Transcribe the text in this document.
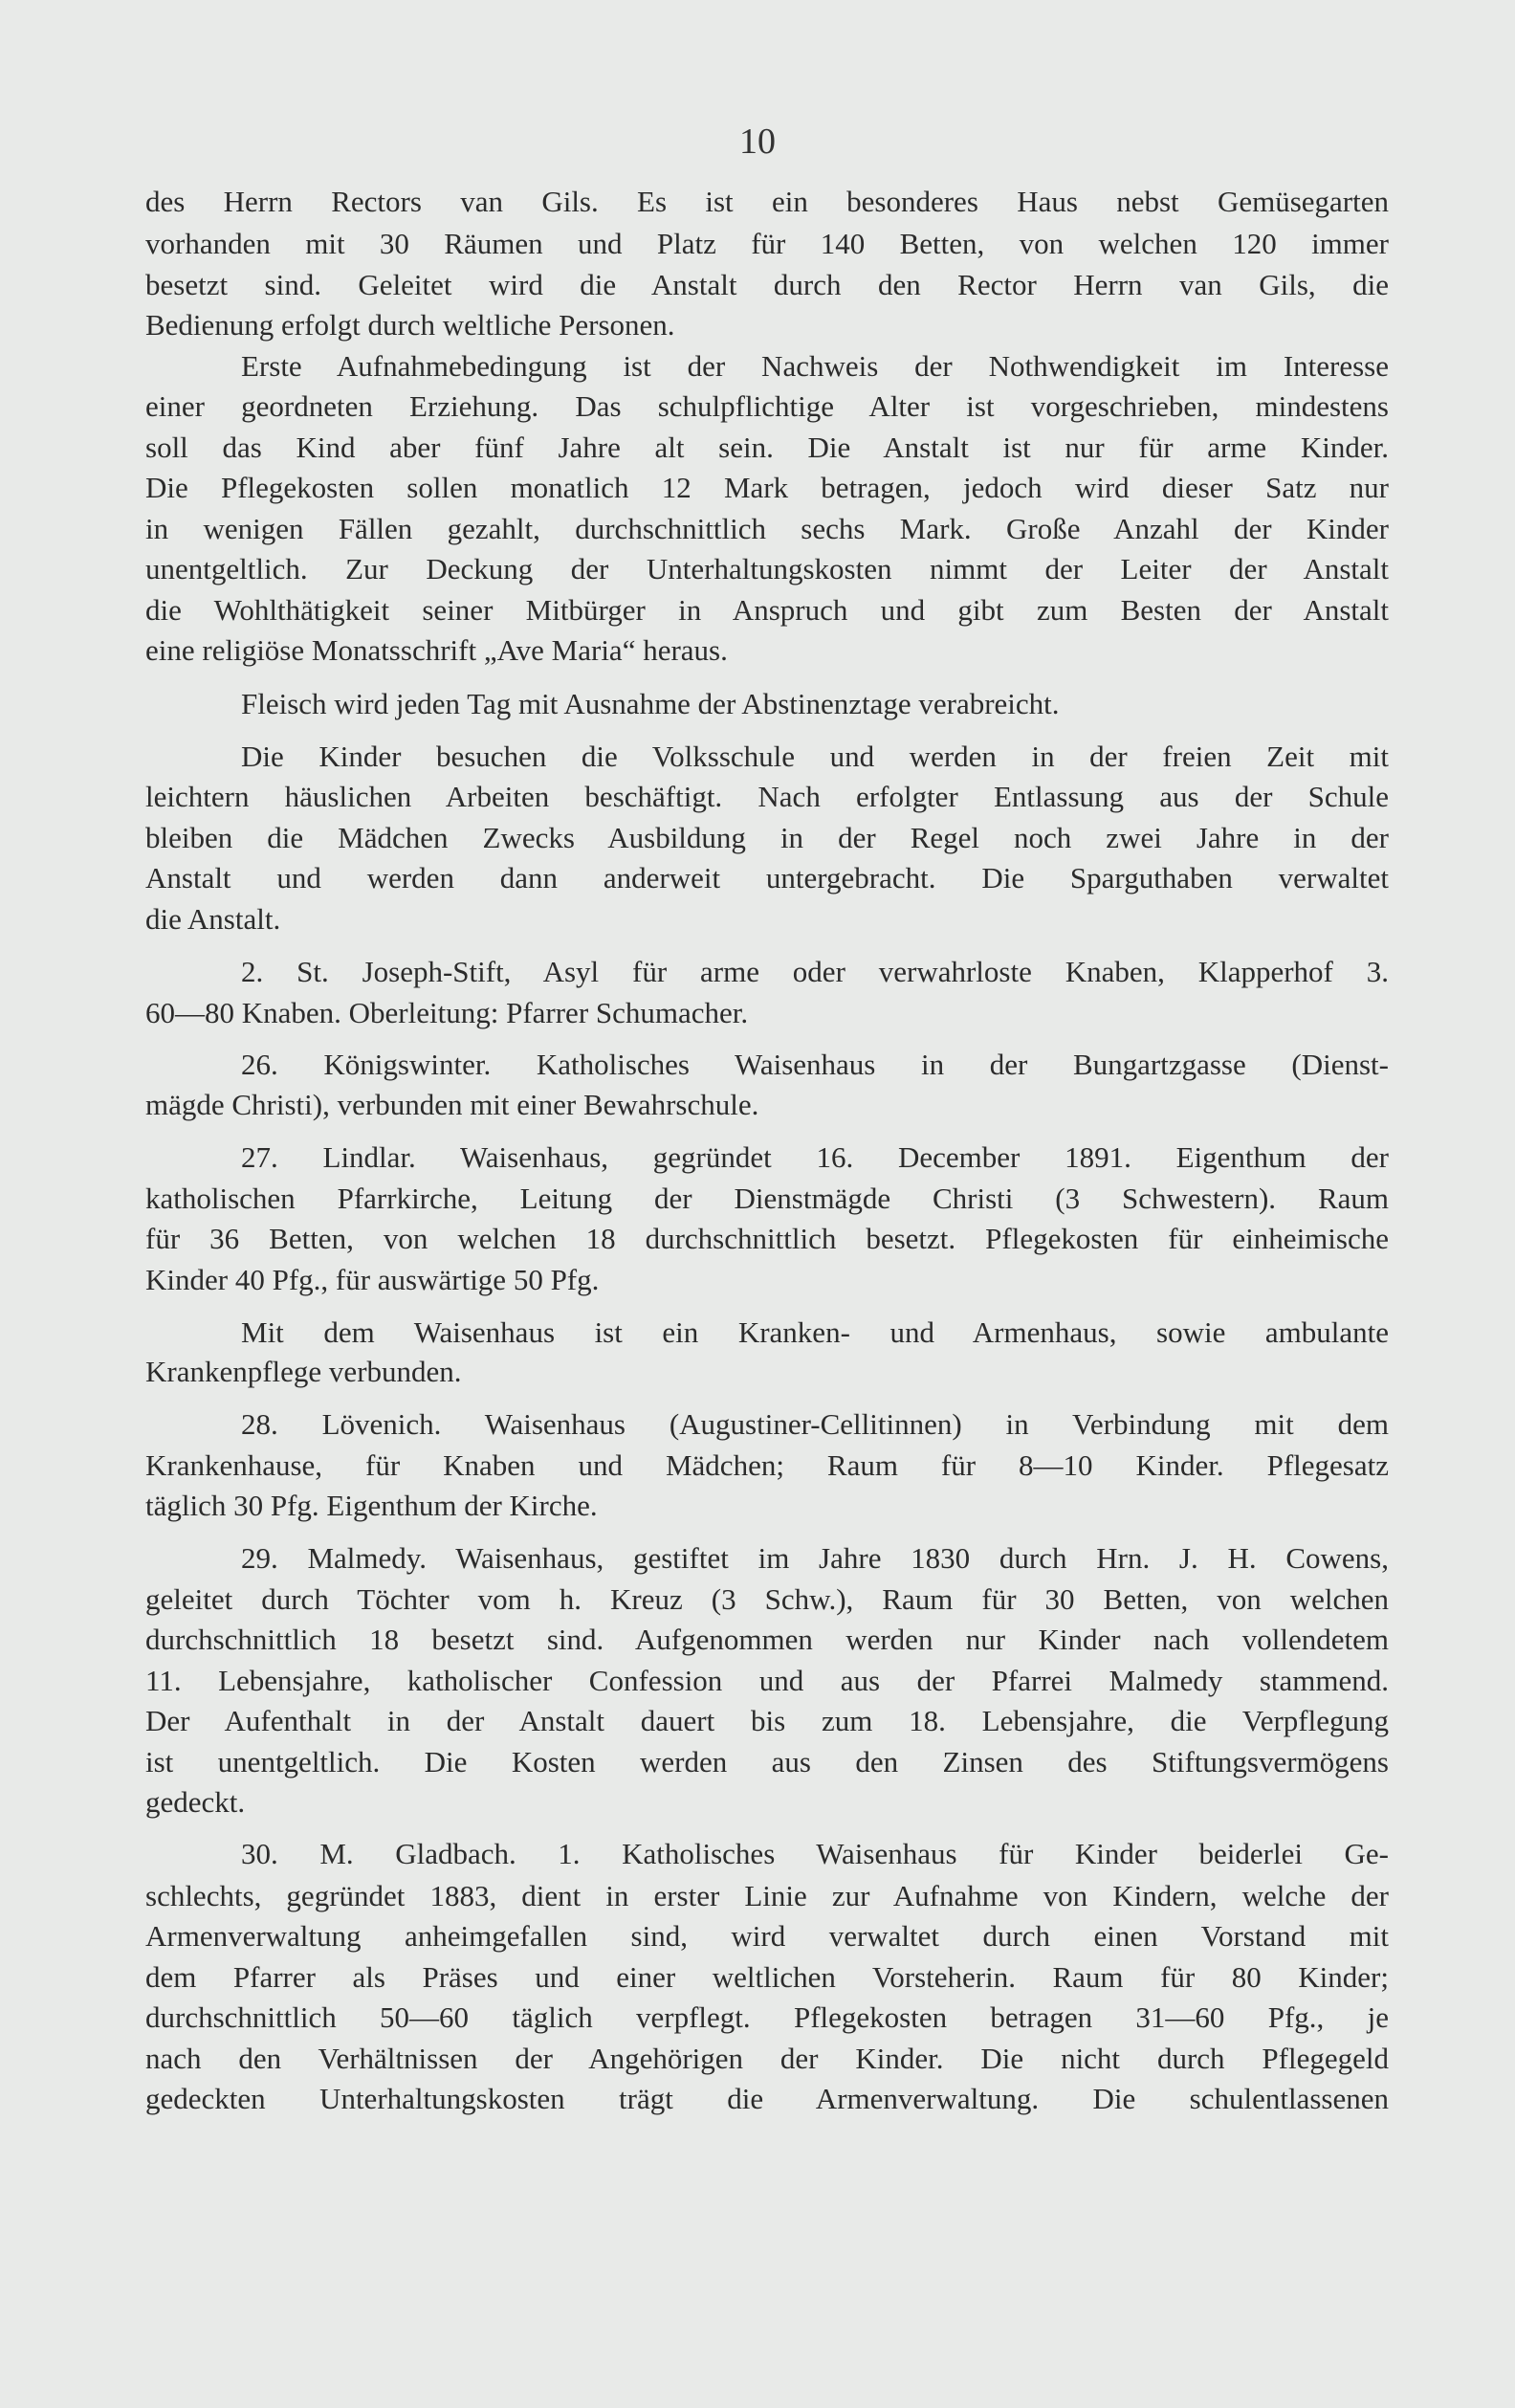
10
des Herrn Rectors van Gils. Es ist ein besonderes Haus nebst Gemüsegarten
vorhanden mit 30 Räumen und Platz für 140 Betten, von welchen 120 immer
besetzt sind. Geleitet wird die Anstalt durch den Rector Herrn van Gils, die
Bedienung erfolgt durch weltliche Personen.
Erste Aufnahmebedingung ist der Nachweis der Nothwendigkeit im Interesse
einer geordneten Erziehung. Das schulpflichtige Alter ist vorgeschrieben, mindestens
soll das Kind aber fünf Jahre alt sein. Die Anstalt ist nur für arme Kinder.
Die Pflegekosten sollen monatlich 12 Mark betragen, jedoch wird dieser Satz nur
in wenigen Fällen gezahlt, durchschnittlich sechs Mark. Große Anzahl der Kinder
unentgeltlich. Zur Deckung der Unterhaltungskosten nimmt der Leiter der Anstalt
die Wohlthätigkeit seiner Mitbürger in Anspruch und gibt zum Besten der Anstalt
eine religiöse Monatsschrift „Ave Maria“ heraus.
Fleisch wird jeden Tag mit Ausnahme der Abstinenztage verabreicht.
Die Kinder besuchen die Volksschule und werden in der freien Zeit mit
leichtern häuslichen Arbeiten beschäftigt. Nach erfolgter Entlassung aus der Schule
bleiben die Mädchen Zwecks Ausbildung in der Regel noch zwei Jahre in der
Anstalt und werden dann anderweit untergebracht. Die Sparguthaben verwaltet
die Anstalt.
2. St. Joseph-Stift, Asyl für arme oder verwahrloste Knaben, Klapperhof 3.
60—80 Knaben. Oberleitung: Pfarrer Schumacher.
26. Königswinter. Katholisches Waisenhaus in der Bungartzgasse (Dienst-
mägde Christi), verbunden mit einer Bewahrschule.
27. Lindlar. Waisenhaus, gegründet 16. December 1891. Eigenthum der
katholischen Pfarrkirche, Leitung der Dienstmägde Christi (3 Schwestern). Raum
für 36 Betten, von welchen 18 durchschnittlich besetzt. Pflegekosten für einheimische
Kinder 40 Pfg., für auswärtige 50 Pfg.
Mit dem Waisenhaus ist ein Kranken- und Armenhaus, sowie ambulante
Krankenpflege verbunden.
28. Lövenich. Waisenhaus (Augustiner-Cellitinnen) in Verbindung mit dem
Krankenhause, für Knaben und Mädchen; Raum für 8—10 Kinder. Pflegesatz
täglich 30 Pfg. Eigenthum der Kirche.
29. Malmedy. Waisenhaus, gestiftet im Jahre 1830 durch Hrn. J. H. Cowens,
geleitet durch Töchter vom h. Kreuz (3 Schw.), Raum für 30 Betten, von welchen
durchschnittlich 18 besetzt sind. Aufgenommen werden nur Kinder nach vollendetem
11. Lebensjahre, katholischer Confession und aus der Pfarrei Malmedy stammend.
Der Aufenthalt in der Anstalt dauert bis zum 18. Lebensjahre, die Verpflegung
ist unentgeltlich. Die Kosten werden aus den Zinsen des Stiftungsvermögens
gedeckt.
30. M. Gladbach. 1. Katholisches Waisenhaus für Kinder beiderlei Ge-
schlechts, gegründet 1883, dient in erster Linie zur Aufnahme von Kindern, welche der
Armenverwaltung anheimgefallen sind, wird verwaltet durch einen Vorstand mit
dem Pfarrer als Präses und einer weltlichen Vorsteherin. Raum für 80 Kinder;
durchschnittlich 50—60 täglich verpflegt. Pflegekosten betragen 31—60 Pfg., je
nach den Verhältnissen der Angehörigen der Kinder. Die nicht durch Pflegegeld
gedeckten Unterhaltungskosten trägt die Armenverwaltung. Die schulentlassenen
